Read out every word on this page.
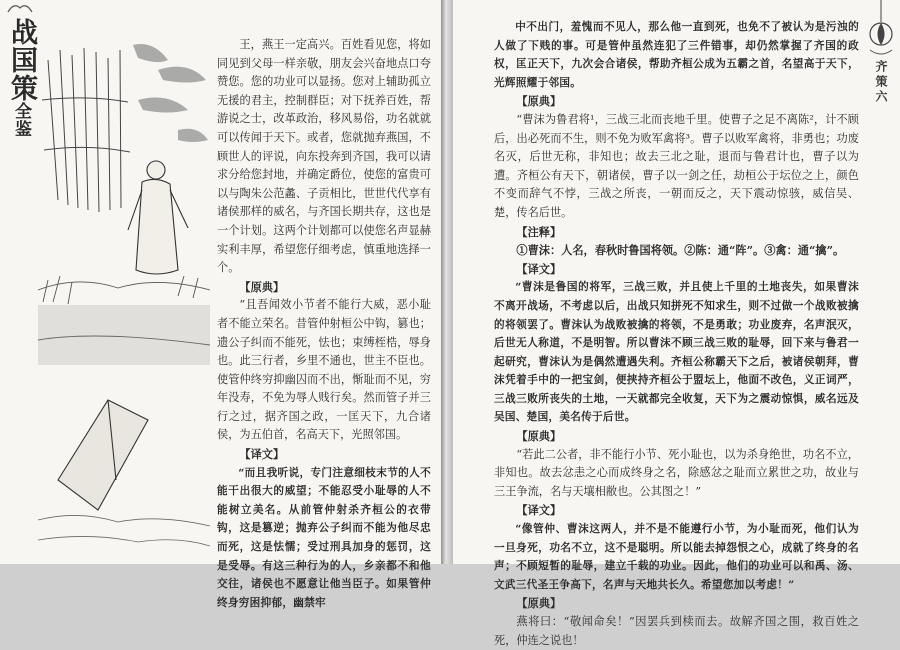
战国策全鉴

王，燕王一定高兴。百姓看见您，将如同见到父母一样亲敬，朋友会兴奋地点口夸赞您。您的功业可以显扬。您对上辅助孤立无援的君主，控制群臣；对下抚养百姓，帮游说之士，改革政治，移风易俗，功名就就可以传闻于天下。或者，您就抛弃燕国，不顾世人的评说，向东投奔到齐国，我可以请求分给您封地，并确定爵位，使您的富贵可以与陶朱公范蠡、子贡相比，世世代代享有诸侯那样的威名，与齐国长期共存，这也是一个计划。这两个计划都可以使您名声显赫实利丰厚，希望您仔细考虑，慎重地选择一个。

【原典】

“且吾闻效小节者不能行大威，恶小耻者不能立荣名。昔管仲射桓公中钩，篡也；遗公子纠而不能死，怯也；束缚桎梏，辱身也。此三行者，乡里不通也，世主不臣也。使管仲终穷抑幽囚而不出，惭耻而不见，穷年没寿，不免为辱人贱行矣。然而管子并三行之过，据齐国之政，一匡天下，九合诸侯，为五伯首，名高天下，光照邻国。

【译文】

“而且我听说，专门注意细枝末节的人不能干出很大的威望；不能忍受小耻辱的人不能树立美名。从前管仲射杀齐桓公的衣带钩，这是篡逆；抛弃公子纠而不能为他尽忠而死，这是怯懦；受过刑具加身的惩罚，这是受辱。有这三种行为的人，乡亲都不和他交往，诸侯也不愿意让他当臣子。如果管仲终身穷困抑郁，幽禁牢

中不出门，羞愧而不见人，那么他一直到死，也免不了被认为是污浊的人做了下贱的事。可是管仲虽然连犯了三件错事，却仍然掌握了齐国的政权，匡正天下，九次会合诸侯，帮助齐桓公成为五霸之首，名望高于天下，光辉照耀于邻国。

【原典】

“曹沫为鲁君将¹，三战三北而丧地千里。使曹子之足不离陈²，计不顾后，出必死而不生，则不免为败军禽将³。曹子以败军禽将，非勇也；功废名灭，后世无称，非知也；故去三北之耻，退而与鲁君计也，曹子以为遭。齐桓公有天下，朝诸侯，曹子以一剑之任，劫桓公于坛位之上，颜色不变而辞气不悖，三战之所丧，一朝而反之，天下震动惊骇，威信吴、楚，传名后世。

【注释】

①曹沫：人名，春秋时鲁国将领。②陈：通“阵”。③禽：通“擒”。

【译文】

“曹沫是鲁国的将军，三战三败，并且使上千里的土地丧失，如果曹沫不离开战场，不考虑以后，出战只知拼死不知求生，则不过做一个战败被擒的将领罢了。曹沫认为战败被擒的将领，不是勇敢；功业废弃，名声泯灭，后世无人称道，不是明智。所以曹沫不顾三战三败的耻辱，回下来与鲁君一起研究，曹沫认为是偶然遭遇失利。齐桓公称霸天下之后，被诸侯朝拜，曹沫凭着手中的一把宝剑，便挟持齐桓公于盟坛上，他面不改色，义正词严，三战三败所丧失的土地，一天就都完全收复，天下为之震动惊惧，威名远及吴国、楚国，美名传于后世。

【原典】

“若此二公者，非不能行小节、死小耻也，以为杀身绝世，功名不立，非知也。故去忿恚之心而成终身之名，除感忿之耻而立累世之功，故业与三王争流，名与天壤相敝也。公其图之！”

【译文】

“像管仲、曹沫这两人，并不是不能遵行小节，为小耻而死，他们认为一旦身死，功名不立，这不是聪明。所以能去掉怨恨之心，成就了终身的名声；不顾短暂的耻辱，建立千载的功业。因此，他们的功业可以和禹、汤、文武三代圣王争高下，名声与天地共长久。希望您加以考虑！”

【原典】

燕将曰：“敬闻命矣！”因罢兵到椟而去。故解齐国之围，救百姓之死，仲连之说也！

齐策六
